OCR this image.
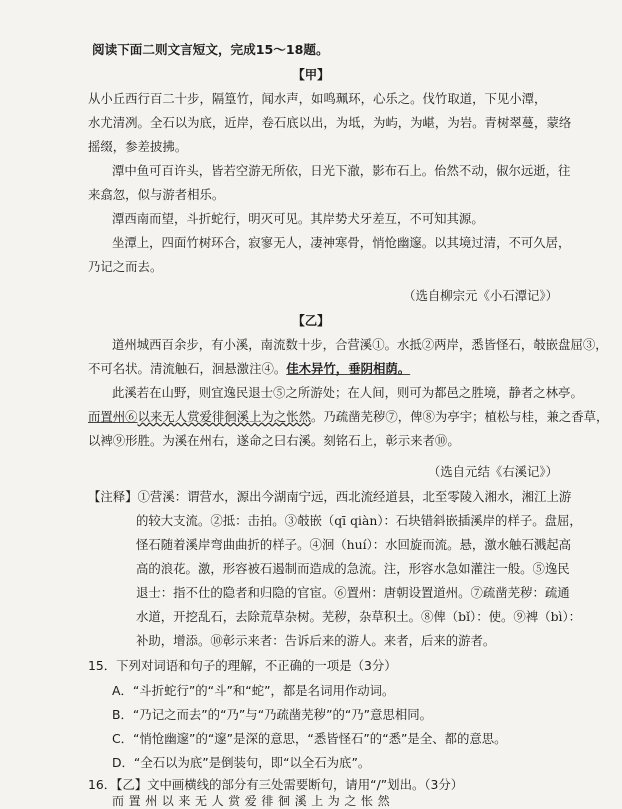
阅读下面二则文言短文，完成15～18题。
【甲】
从小丘西行百二十步，隔篁竹，闻水声，如鸣珮环，心乐之。伐竹取道，下见小潭，
水尤清冽。全石以为底，近岸，卷石底以出，为坻，为屿，为嵁，为岩。青树翠蔓，蒙络
摇缀，参差披拂。
潭中鱼可百许头，皆若空游无所依，日光下澈，影布石上。佁然不动，俶尔远逝，往
来翕忽，似与游者相乐。
潭西南而望，斗折蛇行，明灭可见。其岸势犬牙差互，不可知其源。
坐潭上，四面竹树环合，寂寥无人，凄神寒骨，悄怆幽邃。以其境过清，不可久居，
乃记之而去。
（选自柳宗元《小石潭记》）
【乙】
道州城西百余步，有小溪，南流数十步，合营溪①。水抵②两岸，悉皆怪石，攲嵌盘屈③，
不可名状。清流触石，洄悬激注④。佳木异竹，垂阴相荫。
此溪若在山野，则宜逸民退士⑤之所游处；在人间，则可为都邑之胜境，静者之林亭。
而置州⑥以来无人赏爱徘徊溪上为之怅然。乃疏凿芜秽⑦，俾⑧为亭宇；植松与桂，兼之香草，
以裨⑨形胜。为溪在州右，遂命之曰右溪。刻铭石上，彰示来者⑩。
（选自元结《右溪记》）
【注释】①营溪：谓营水，源出今湖南宁远，西北流经道县，北至零陵入湘水，湘江上游
的较大支流。②抵：击拍。③攲嵌（qī qiàn）：石块错斜嵌插溪岸的样子。盘屈，
怪石随着溪岸弯曲曲折的样子。④洄（huí）：水回旋而流。悬，激水触石溅起高
高的浪花。激，形容被石遏制而造成的急流。注，形容水急如灌注一般。⑤逸民
退士：指不仕的隐者和归隐的官宦。⑥置州：唐朝设置道州。⑦疏凿芜秽：疏通
水道，开挖乱石，去除荒草杂树。芜秽，杂草积土。⑧俾（bǐ）：使。⑨裨（bì）：
补助，增添。⑩彰示来者：告诉后来的游人。来者，后来的游者。
15．下列对词语和句子的理解，不正确的一项是（3分）
A．“斗折蛇行”的“斗”和“蛇”，都是名词用作动词。
B．“乃记之而去”的“乃”与“乃疏凿芜秽”的“乃”意思相同。
C．“悄怆幽邃”的“邃”是深的意思，“悉皆怪石”的“悉”是全、都的意思。
D．“全石以为底”是倒装句，即“以全石为底”。
16．【乙】文中画横线的部分有三处需要断句，请用“/”划出。（3分）
而置州以来无人赏爱徘徊溪上为之怅然
